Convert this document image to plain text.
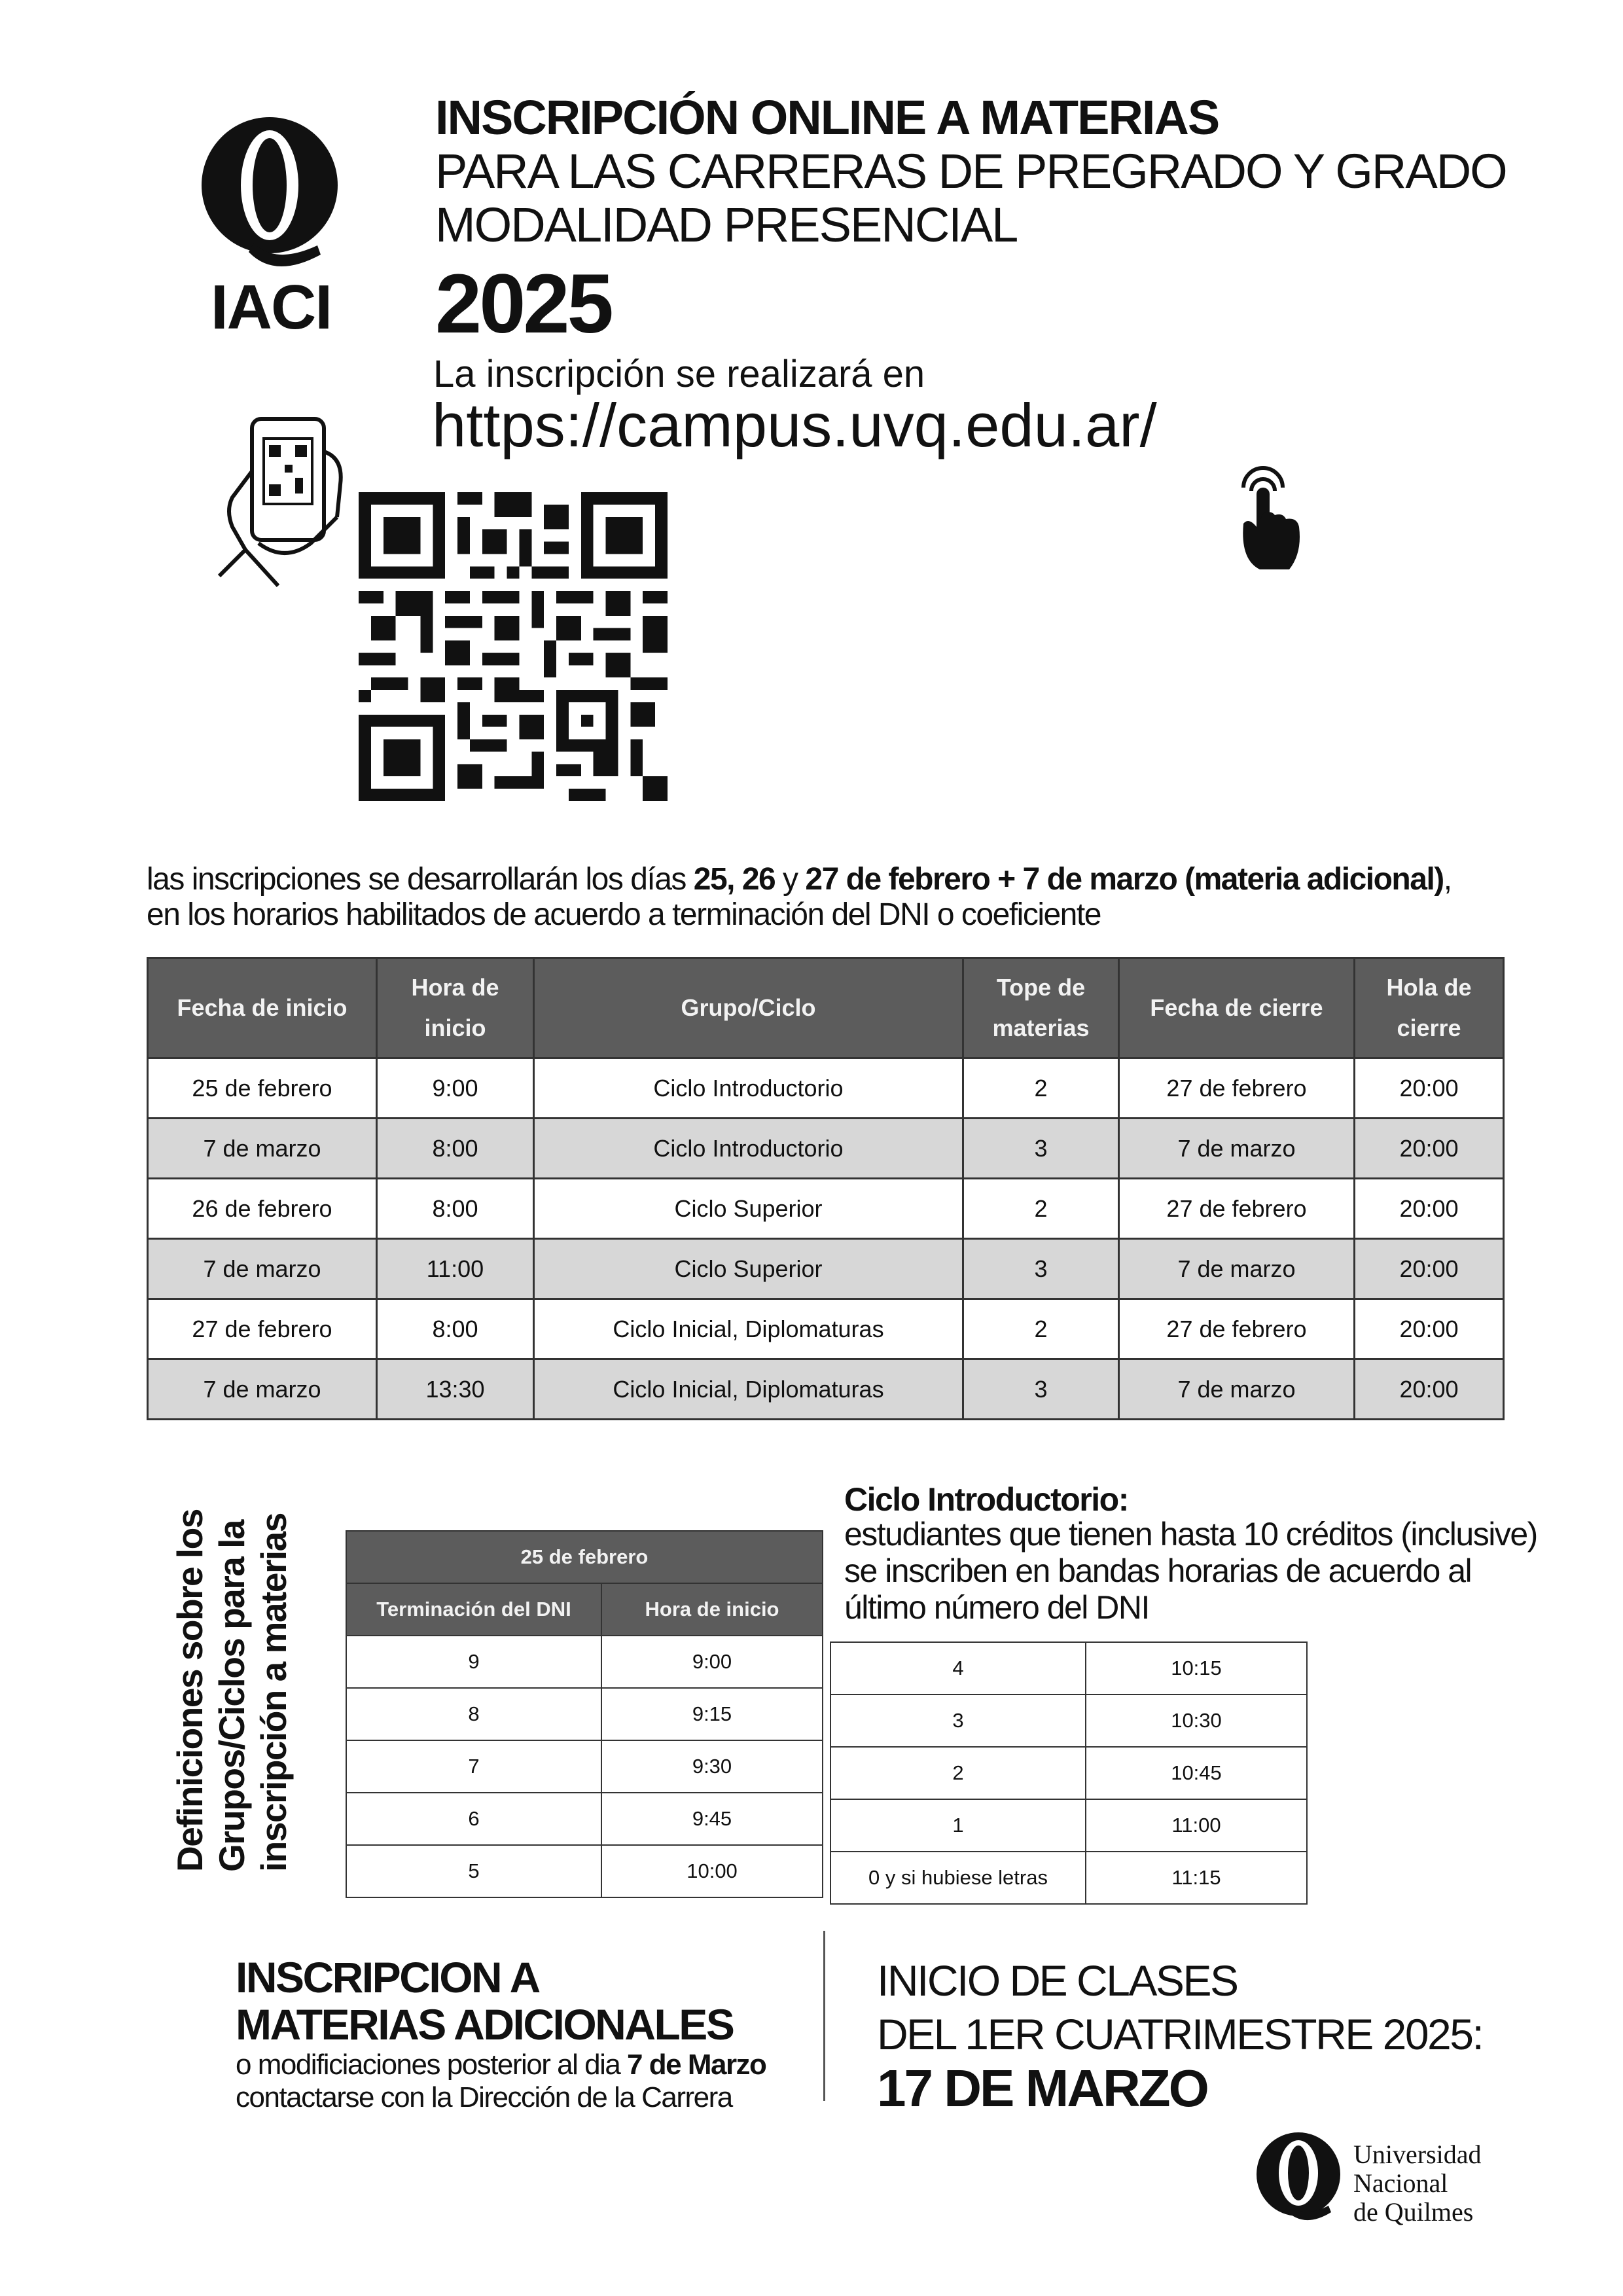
IACI
INSCRIPCIÓN ONLINE A MATERIAS
PARA LAS CARRERAS DE PREGRADO Y GRADO
MODALIDAD PRESENCIAL
2025
La inscripción se realizará en
https://campus.uvq.edu.ar/
las inscripciones se desarrollarán los días 25, 26 y 27 de febrero + 7 de marzo (materia adicional),
en los horarios habilitados de acuerdo a terminación del DNI o coeficiente
Fecha de inicio	Hora de inicio	Grupo/Ciclo	Tope de materias	Fecha de cierre	Hola de cierre
25 de febrero	9:00	Ciclo Introductorio	2	27 de febrero	20:00
7 de marzo	8:00	Ciclo Introductorio	3	7 de marzo	20:00
26 de febrero	8:00	Ciclo Superior	2	27 de febrero	20:00
7 de marzo	11:00	Ciclo Superior	3	7 de marzo	20:00
27 de febrero	8:00	Ciclo Inicial, Diplomaturas	2	27 de febrero	20:00
7 de marzo	13:30	Ciclo Inicial, Diplomaturas	3	7 de marzo	20:00
Definiciones sobre los Grupos/Ciclos para la inscripción a materias
Ciclo Introductorio:
estudiantes que tienen hasta 10 créditos (inclusive)
se inscriben en bandas horarias de acuerdo al
último número del DNI
25 de febrero	
Terminación del DNI	Hora de inicio
9	9:00
8	9:15
7	9:30
6	9:45
5	10:00
4	10:15
3	10:30
2	10:45
1	11:00
0 y si hubiese letras	11:15
INSCRIPCION A
MATERIAS ADICIONALES
o modificiaciones posterior al dia 7 de Marzo
contactarse con la Dirección de la Carrera
INICIO DE CLASES
DEL 1ER CUATRIMESTRE 2025:
17 DE MARZO
Universidad
Nacional
de Quilmes
